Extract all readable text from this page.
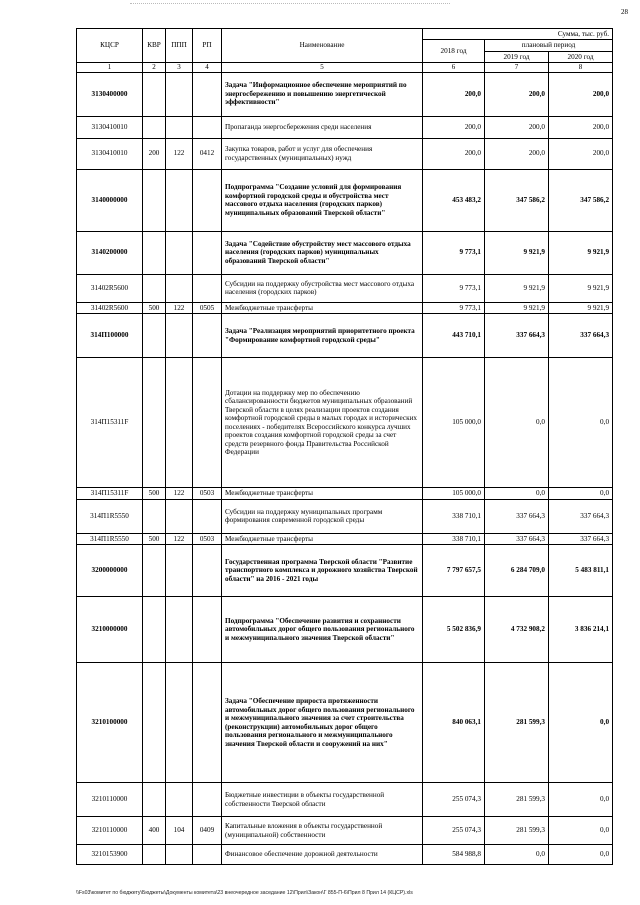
28
КЦСР	КВР	ППП	РП	Наименование	Сумма, тыс. руб.		
					2018 год	плановый период	
						2019 год	2020 год
1	2	3	4	5	6	7	8
3130400000				Задача "Информационное обеспечение мероприятий по энергосбережению и повышению энергетической эффективности"	200,0	200,0	200,0
3130410010				Пропаганда энергосбережения среди населения	200,0	200,0	200,0
3130410010	200	122	0412	Закупка товаров, работ и услуг для обеспечения государственных (муниципальных) нужд	200,0	200,0	200,0
3140000000				Подпрограмма "Создание условий для формирования комфортной городской среды и обустройства мест массового отдыха населения (городских парков) муниципальных образований Тверской области"	453 483,2	347 586,2	347 586,2
3140200000				Задача "Содействие обустройству мест массового отдыха населения (городских парков) муниципальных образований Тверской области"	9 773,1	9 921,9	9 921,9
31402R5600				Субсидии на поддержку обустройства мест массового отдыха населения (городских парков)	9 773,1	9 921,9	9 921,9
31402R5600	500	122	0505	Межбюджетные трансферты	9 773,1	9 921,9	9 921,9
314П100000				Задача "Реализация мероприятий приоритетного проекта "Формирование комфортной городской среды"	443 710,1	337 664,3	337 664,3
314П15311F				Дотации на поддержку мер по обеспечению сбалансированности бюджетов муниципальных образований Тверской области в целях реализации проектов создания комфортной городской среды в малых городах и исторических поселениях - победителях Всероссийского конкурса лучших проектов создания комфортной городской среды за счет средств резервного фонда Правительства Российской Федерации	105 000,0	0,0	0,0
314П15311F	500	122	0503	Межбюджетные трансферты	105 000,0	0,0	0,0
314П1R5550				Субсидии на поддержку муниципальных программ формирования современной городской среды	338 710,1	337 664,3	337 664,3
314П1R5550	500	122	0503	Межбюджетные трансферты	338 710,1	337 664,3	337 664,3
3200000000				Государственная программа Тверской области "Развитие транспортного комплекса и дорожного хозяйства Тверской области" на 2016 - 2021 годы	7 797 657,5	6 284 709,0	5 483 811,1
3210000000				Подпрограмма "Обеспечение развития и сохранности автомобильных дорог общего пользования регионального и межмуниципального значения Тверской области"	5 502 836,9	4 732 908,2	3 836 214,1
3210100000				Задача "Обеспечение прироста протяженности автомобильных дорог общего пользования регионального и межмуниципального значения за счет строительства (реконструкции) автомобильных дорог общего пользования регионального и межмуниципального значения Тверской области и сооружений на них"	840 063,1	281 599,3	0,0
3210110000				Бюджетные инвестиции в объекты государственной собственности Тверской области	255 074,3	281 599,3	0,0
3210110000	400	104	0409	Капитальные вложения в объекты государственной (муниципальной) собственности	255 074,3	281 599,3	0,0
3210153900				Финансовое обеспечение дорожной деятельности	584 988,8	0,0	0,0
\\Fs03\комитет по бюджету\Бюджеты\Документы комитета\23 внеочередное заседание 12\Прил\Закон\Г 855-П-6\Прил 8 Прил 14 (КЦСР).xls
